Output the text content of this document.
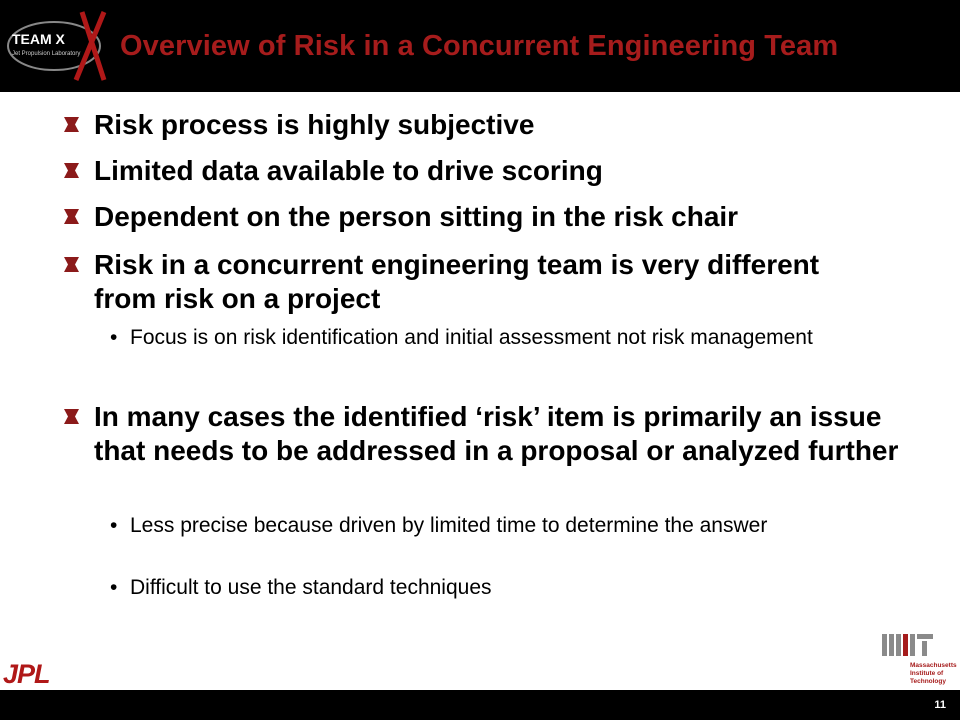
TEAM X
Jet Propulsion Laboratory Overview of Risk in a Concurrent Engineering Team
Risk process is highly subjective
Limited data available to drive scoring
Dependent on the person sitting in the risk chair
Risk in a concurrent engineering team is very different from risk on a project
• Focus is on risk identification and initial assessment not risk management
In many cases the identified ‘risk’ item is primarily an issue that needs to be addressed in a proposal or analyzed further
• Less precise because driven by limited time to determine the answer
• Difficult to use the standard techniques
JPL	Massachusetts
Institute of
Technology
11
